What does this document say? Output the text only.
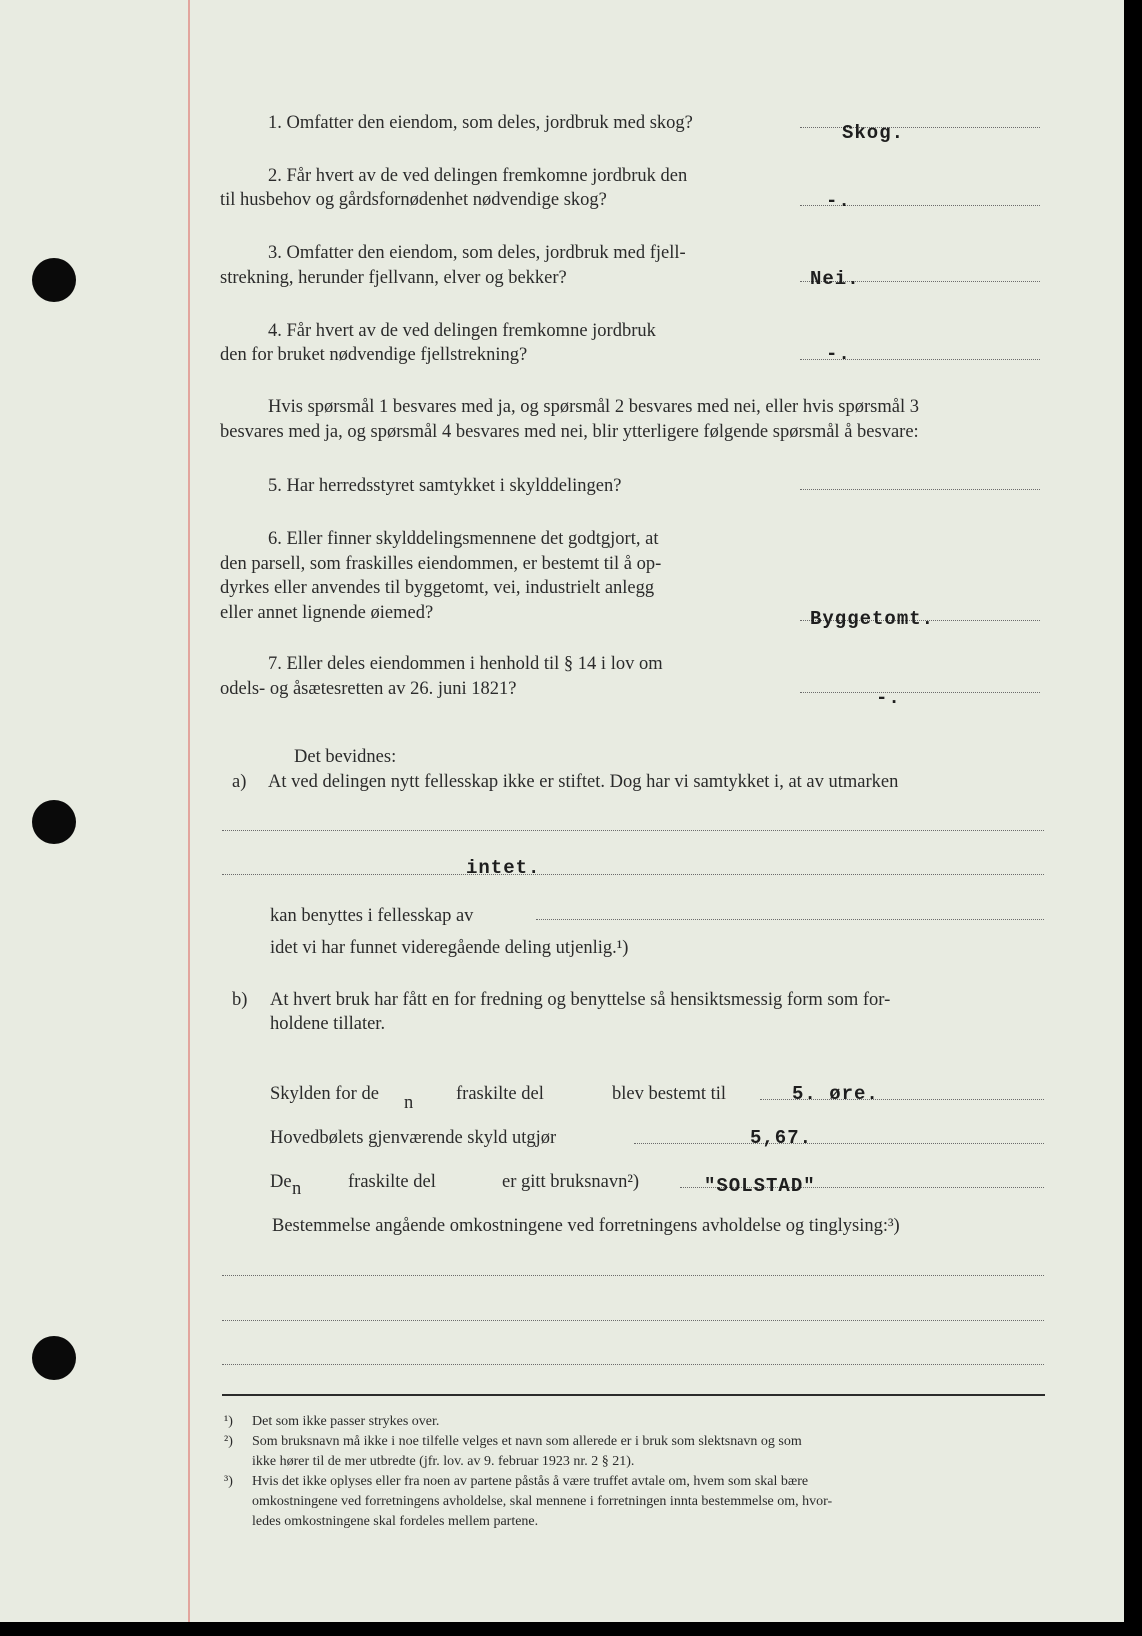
1. Omfatter den eiendom, som deles, jordbruk med skog?	Skog.
2. Får hvert av de ved delingen fremkomne jordbruk den
til husbehov og gårdsfornødenhet nødvendige skog?	-.
3. Omfatter den eiendom, som deles, jordbruk med fjell-
strekning, herunder fjellvann, elver og bekker?	Nei.
4. Får hvert av de ved delingen fremkomne jordbruk
den for bruket nødvendige fjellstrekning?	-.
Hvis spørsmål 1 besvares med ja, og spørsmål 2 besvares med nei, eller hvis spørsmål 3
besvares med ja, og spørsmål 4 besvares med nei, blir ytterligere følgende spørsmål å besvare:
5. Har herredsstyret samtykket i skylddelingen?
6. Eller finner skylddelingsmennene det godtgjort, at
den parsell, som fraskilles eiendommen, er bestemt til å op-
dyrkes eller anvendes til byggetomt, vei, industrielt anlegg
eller annet lignende øiemed?	Byggetomt.
7. Eller deles eiendommen i henhold til § 14 i lov om
odels- og åsætesretten av 26. juni 1821?	-.
Det bevidnes:
a) At ved delingen nytt fellesskap ikke er stiftet. Dog har vi samtykket i, at av utmarken
intet.
kan benyttes i fellesskap av
idet vi har funnet videregående deling utjenlig.¹)
b) At hvert bruk har fått en for fredning og benyttelse så hensiktsmessig form som for-
holdene tillater.
Skylden for de n fraskilte del	blev bestemt til	5. øre.
Hovedbølets gjenværende skyld utgjør	5,67.
De n	fraskilte del	er gitt bruksnavn²)	"SOLSTAD"
Bestemmelse angående omkostningene ved forretningens avholdelse og tinglysing:³)
¹) Det som ikke passer strykes over.
²) Som bruksnavn må ikke i noe tilfelle velges et navn som allerede er i bruk som slektsnavn og som
ikke hører til de mer utbredte (jfr. lov. av 9. februar 1923 nr. 2 § 21).
³) Hvis det ikke oplyses eller fra noen av partene påstås å være truffet avtale om, hvem som skal bære
omkostningene ved forretningens avholdelse, skal mennene i forretningen innta bestemmelse om, hvor-
ledes omkostningene skal fordeles mellem partene.
